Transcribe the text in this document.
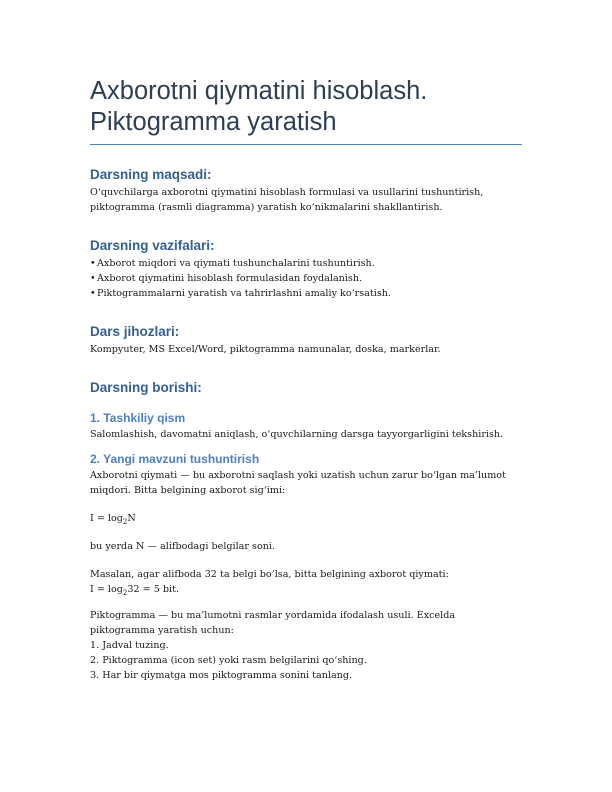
Axborotni qiymatini hisoblash.
Piktogramma yaratish
Darsning maqsadi:

O‘quvchilarga axborotni qiymatini hisoblash formulasi va usullarini tushuntirish, piktogramma (rasmli diagramma) yaratish ko‘nikmalarini shakllantirish.

Darsning vazifalari:
•Axborot miqdori va qiymati tushunchalarini tushuntirish.
•Axborot qiymatini hisoblash formulasidan foydalanish.
•Piktogrammalarni yaratish va tahrirlashni amaliy ko‘rsatish.
Dars jihozlari:

Kompyuter, MS Excel/Word, piktogramma namunalar, doska, markerlar.

Darsning borishi:
1. Tashkiliy qism

Salomlashish, davomatni aniqlash, o‘quvchilarning darsga tayyorgarligini tekshirish.

2. Yangi mavzuni tushuntirish

Axborotni qiymati — bu axborotni saqlash yoki uzatish uchun zarur bo‘lgan ma’lumot miqdori. Bitta belgining axborot sig‘imi:

$I = \log_2N$

bu yerda N — alifbodagi belgilar soni.

Masalan, agar alifboda 32 ta belgi bo‘lsa, bitta belgining axborot qiymati:

$I = \log_232 = 5$ bit.

Piktogramma — bu ma’lumotni rasmlar yordamida ifodalash usuli. Excelda piktogramma yaratish uchun:

1. Jadval tuzing.

2. Piktogramma (icon set) yoki rasm belgilarini qo‘shing.

3. Har bir qiymatga mos piktogramma sonini tanlang.
